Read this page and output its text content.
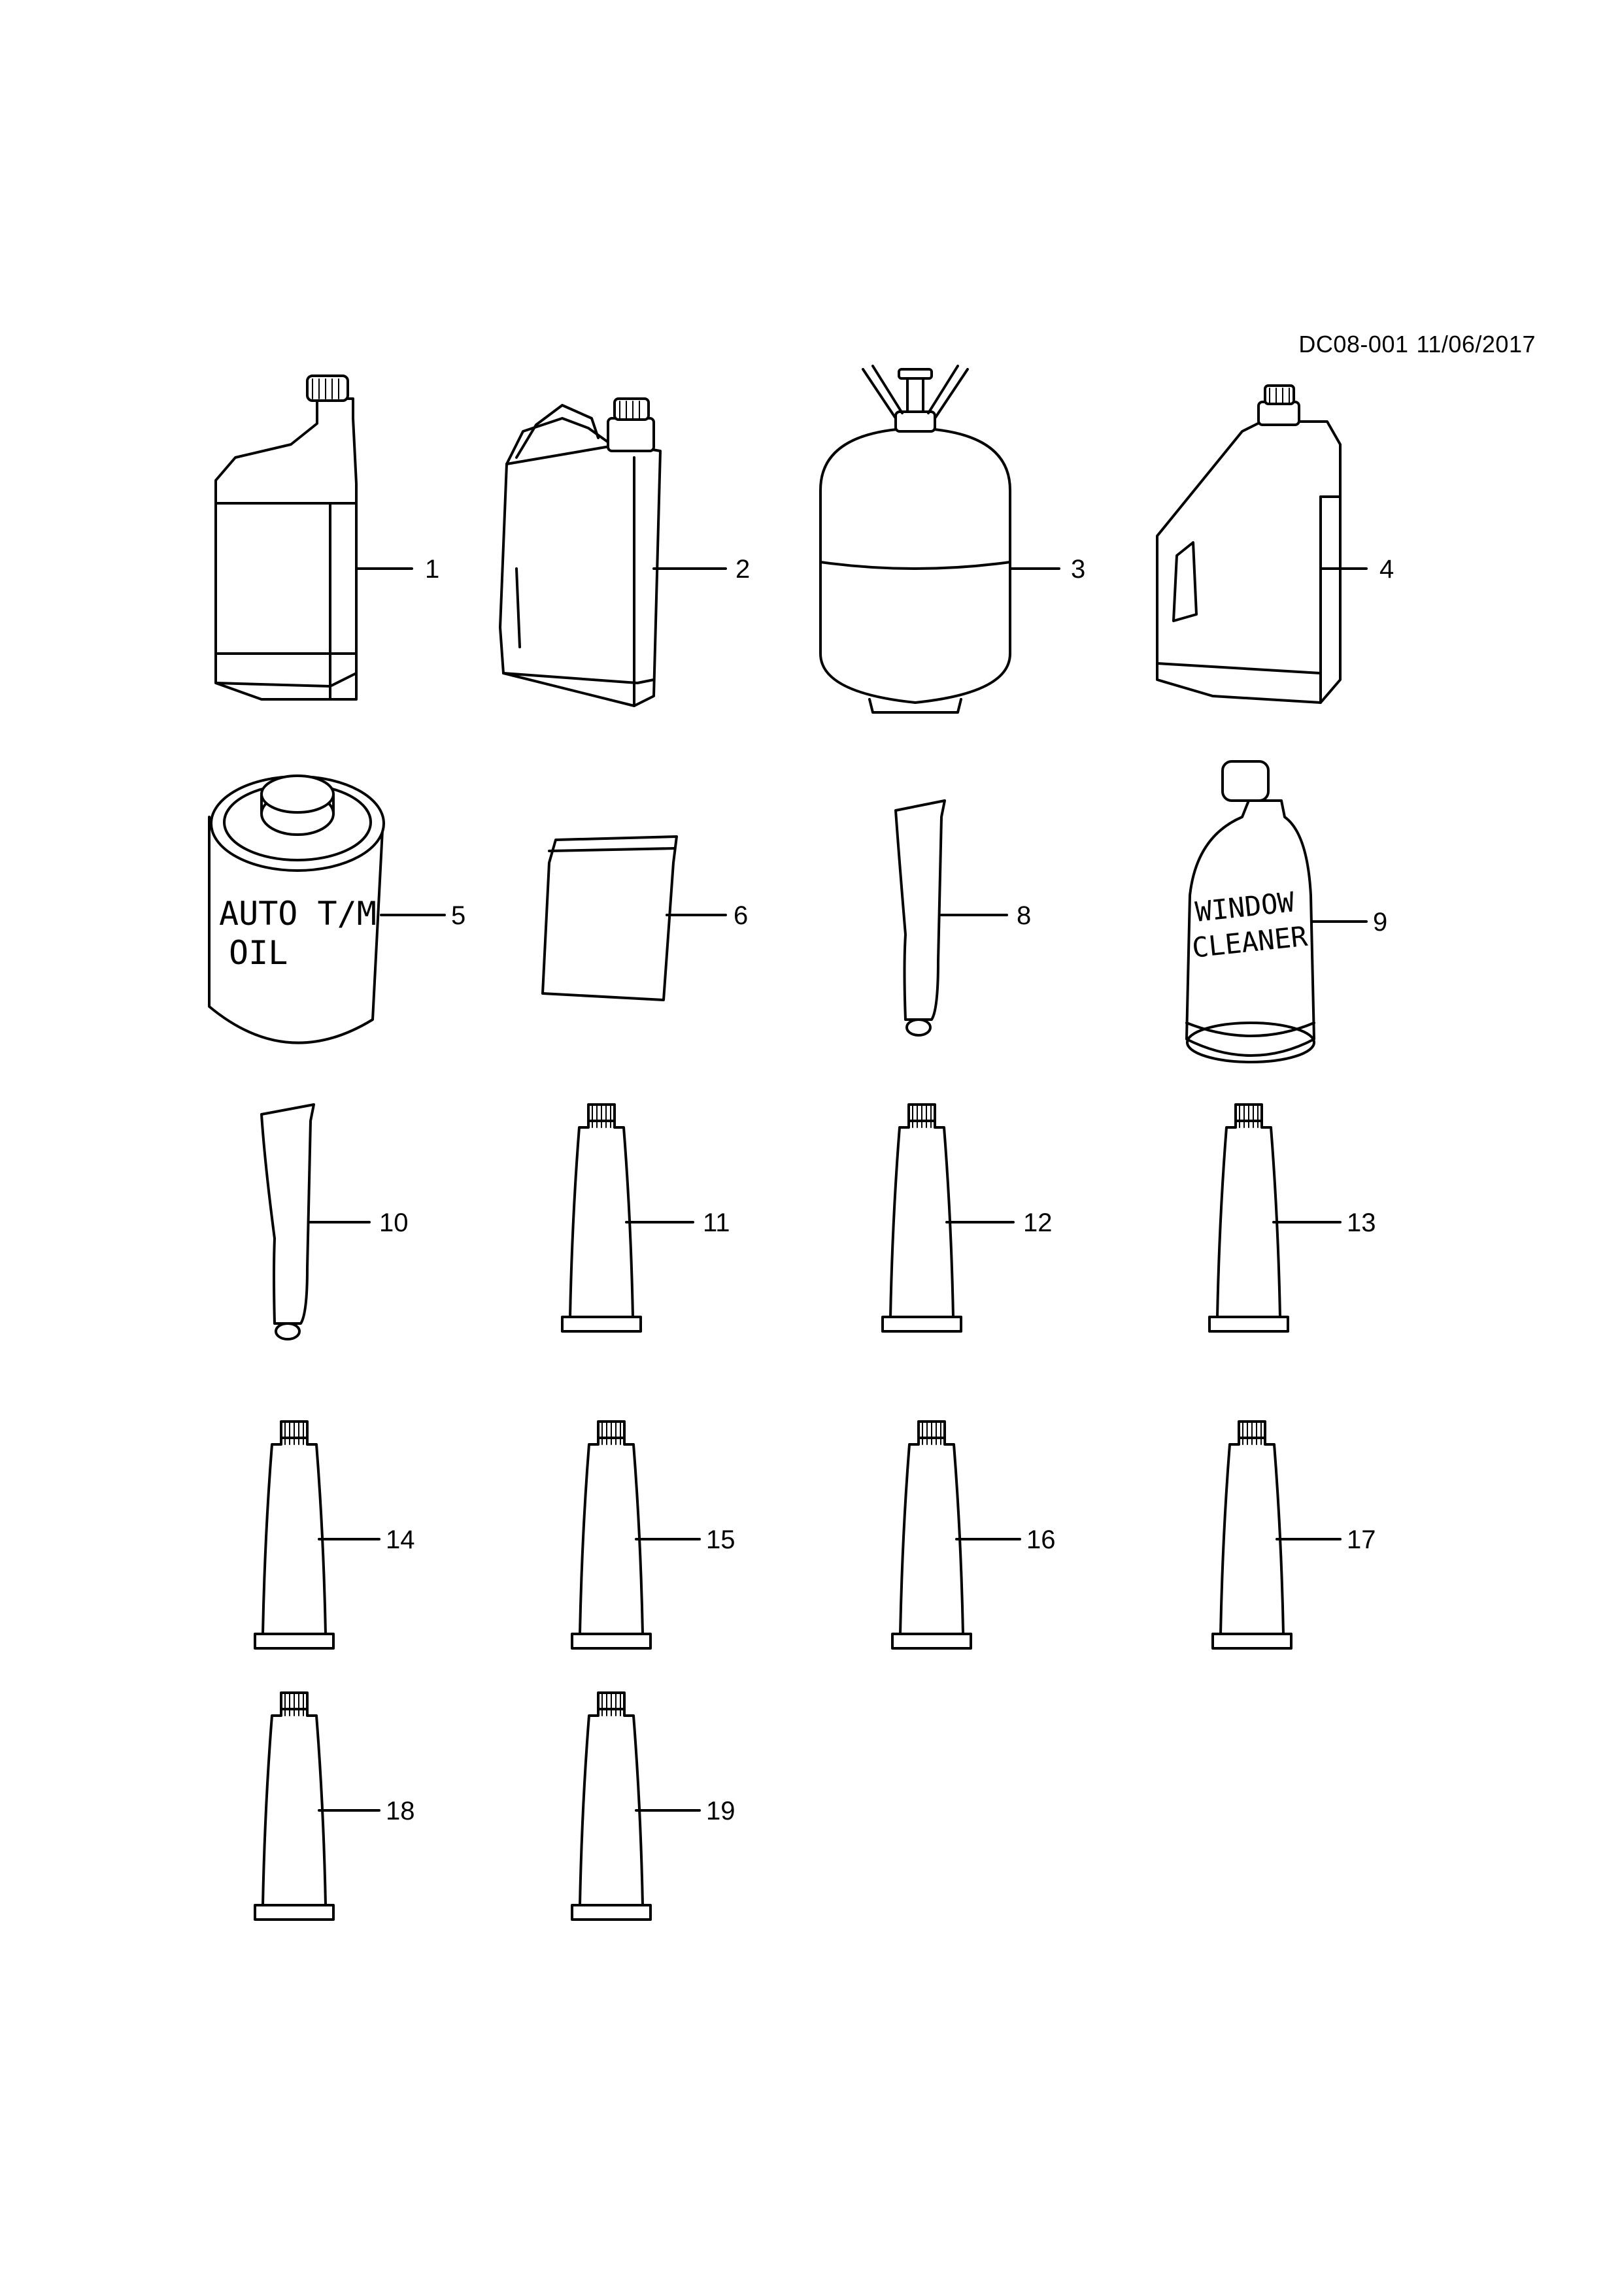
DC08-001 11/06/2017
AUTO T/M
OIL
WINDOW
CLEANER
1	2	3	4
5	6	8	9
10	11	12	13
14	15	16	17
18	19
